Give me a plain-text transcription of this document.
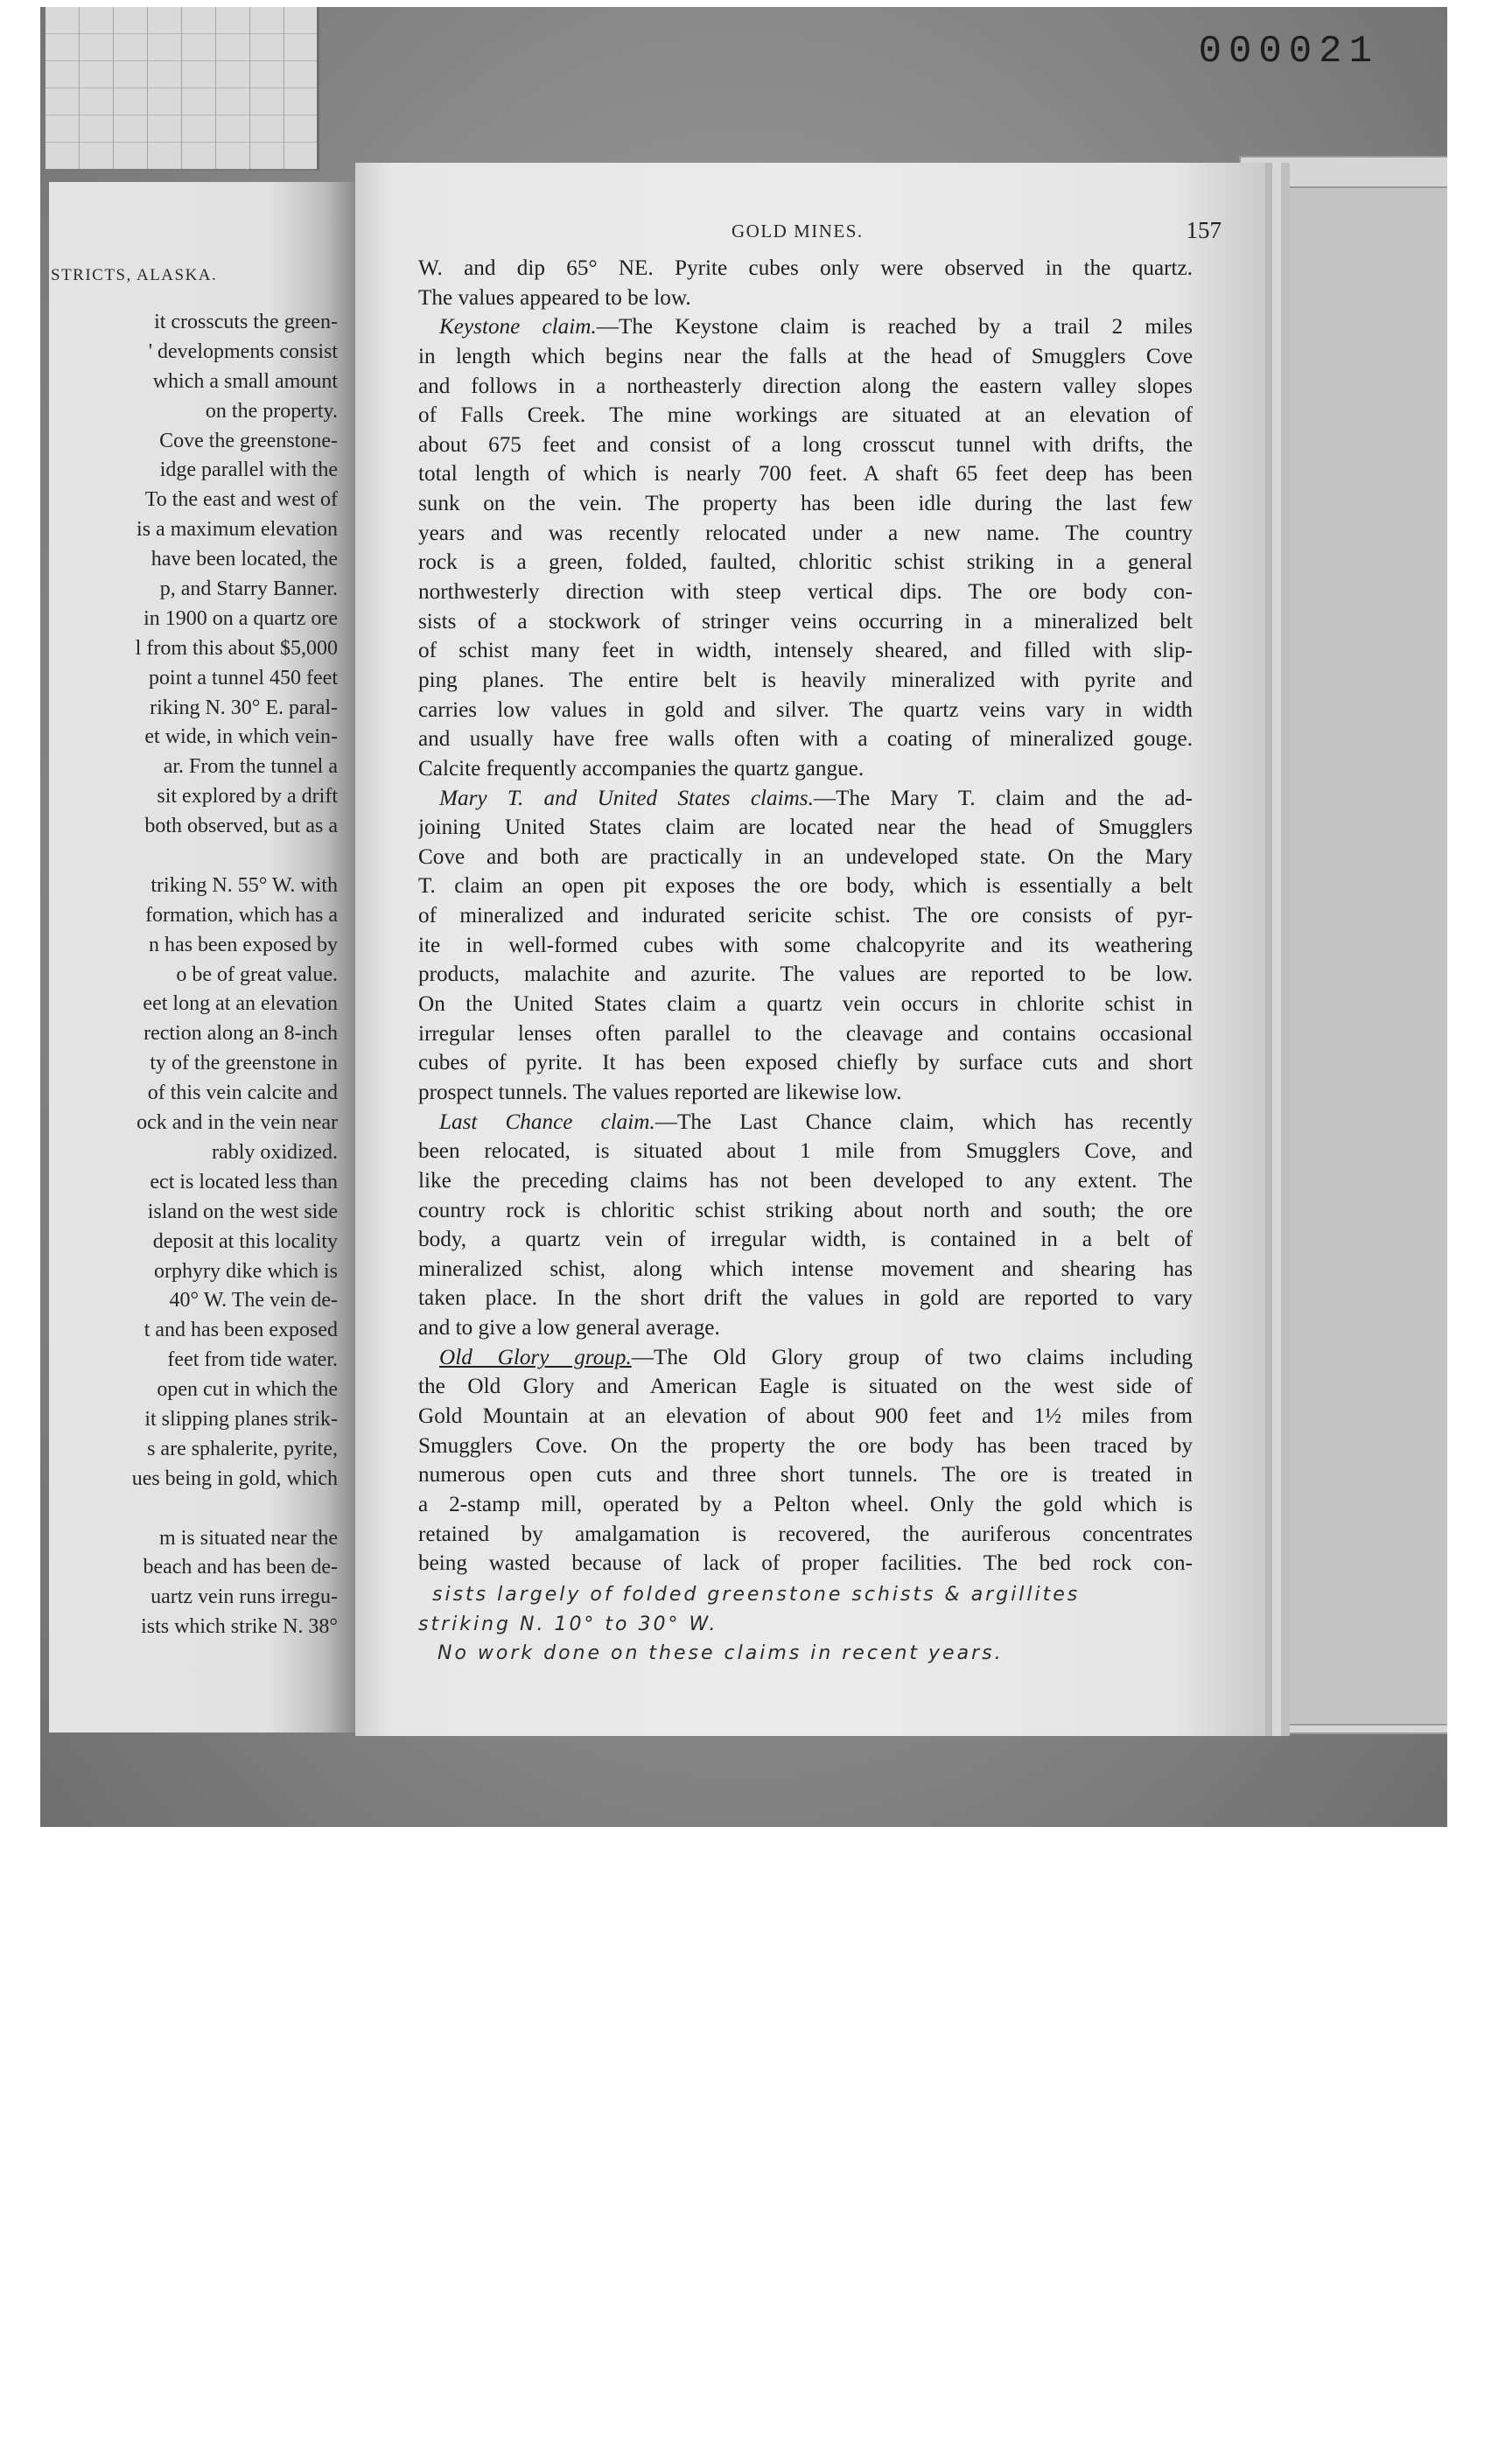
000021
STRICTS, ALASKA.
it crosscuts the green-
' developments consist
which a small amount
on the property.
Cove the greenstone-
idge parallel with the
To the east and west of
is a maximum elevation
have been located, the
p, and Starry Banner.
in 1900 on a quartz ore
l from this about $5,000
point a tunnel 450 feet
riking N. 30° E. paral-
et wide, in which vein-
ar. From the tunnel a
sit explored by a drift
both observed, but as a
triking N. 55° W. with
formation, which has a
n has been exposed by
o be of great value.
eet long at an elevation
rection along an 8-inch
ty of the greenstone in
of this vein calcite and
ock and in the vein near
rably oxidized.
ect is located less than
island on the west side
deposit at this locality
orphyry dike which is
40° W. The vein de-
t and has been exposed
feet from tide water.
open cut in which the
it slipping planes strik-
s are sphalerite, pyrite,
ues being in gold, which
m is situated near the
beach and has been de-
uartz vein runs irregu-
ists which strike N. 38°
GOLD MINES.	157
W. and dip 65° NE. Pyrite cubes only were observed in the quartz.
The values appeared to be low.
Keystone claim.—The Keystone claim is reached by a trail 2 miles
in length which begins near the falls at the head of Smugglers Cove
and follows in a northeasterly direction along the eastern valley slopes
of Falls Creek. The mine workings are situated at an elevation of
about 675 feet and consist of a long crosscut tunnel with drifts, the
total length of which is nearly 700 feet. A shaft 65 feet deep has been
sunk on the vein. The property has been idle during the last few
years and was recently relocated under a new name. The country
rock is a green, folded, faulted, chloritic schist striking in a general
northwesterly direction with steep vertical dips. The ore body con-
sists of a stockwork of stringer veins occurring in a mineralized belt
of schist many feet in width, intensely sheared, and filled with slip-
ping planes. The entire belt is heavily mineralized with pyrite and
carries low values in gold and silver. The quartz veins vary in width
and usually have free walls often with a coating of mineralized gouge.
Calcite frequently accompanies the quartz gangue.
Mary T. and United States claims.—The Mary T. claim and the ad-
joining United States claim are located near the head of Smugglers
Cove and both are practically in an undeveloped state. On the Mary
T. claim an open pit exposes the ore body, which is essentially a belt
of mineralized and indurated sericite schist. The ore consists of pyr-
ite in well-formed cubes with some chalcopyrite and its weathering
products, malachite and azurite. The values are reported to be low.
On the United States claim a quartz vein occurs in chlorite schist in
irregular lenses often parallel to the cleavage and contains occasional
cubes of pyrite. It has been exposed chiefly by surface cuts and short
prospect tunnels. The values reported are likewise low.
Last Chance claim.—The Last Chance claim, which has recently
been relocated, is situated about 1 mile from Smugglers Cove, and
like the preceding claims has not been developed to any extent. The
country rock is chloritic schist striking about north and south; the ore
body, a quartz vein of irregular width, is contained in a belt of
mineralized schist, along which intense movement and shearing has
taken place. In the short drift the values in gold are reported to vary
and to give a low general average.
Old Glory group.—The Old Glory group of two claims including
the Old Glory and American Eagle is situated on the west side of
Gold Mountain at an elevation of about 900 feet and 1½ miles from
Smugglers Cove. On the property the ore body has been traced by
numerous open cuts and three short tunnels. The ore is treated in
a 2-stamp mill, operated by a Pelton wheel. Only the gold which is
retained by amalgamation is recovered, the auriferous concentrates
being wasted because of lack of proper facilities. The bed rock con-
sists largely of folded greenstone schists & argillites
striking N. 10° to 30° W.
No work done on these claims in recent years.
